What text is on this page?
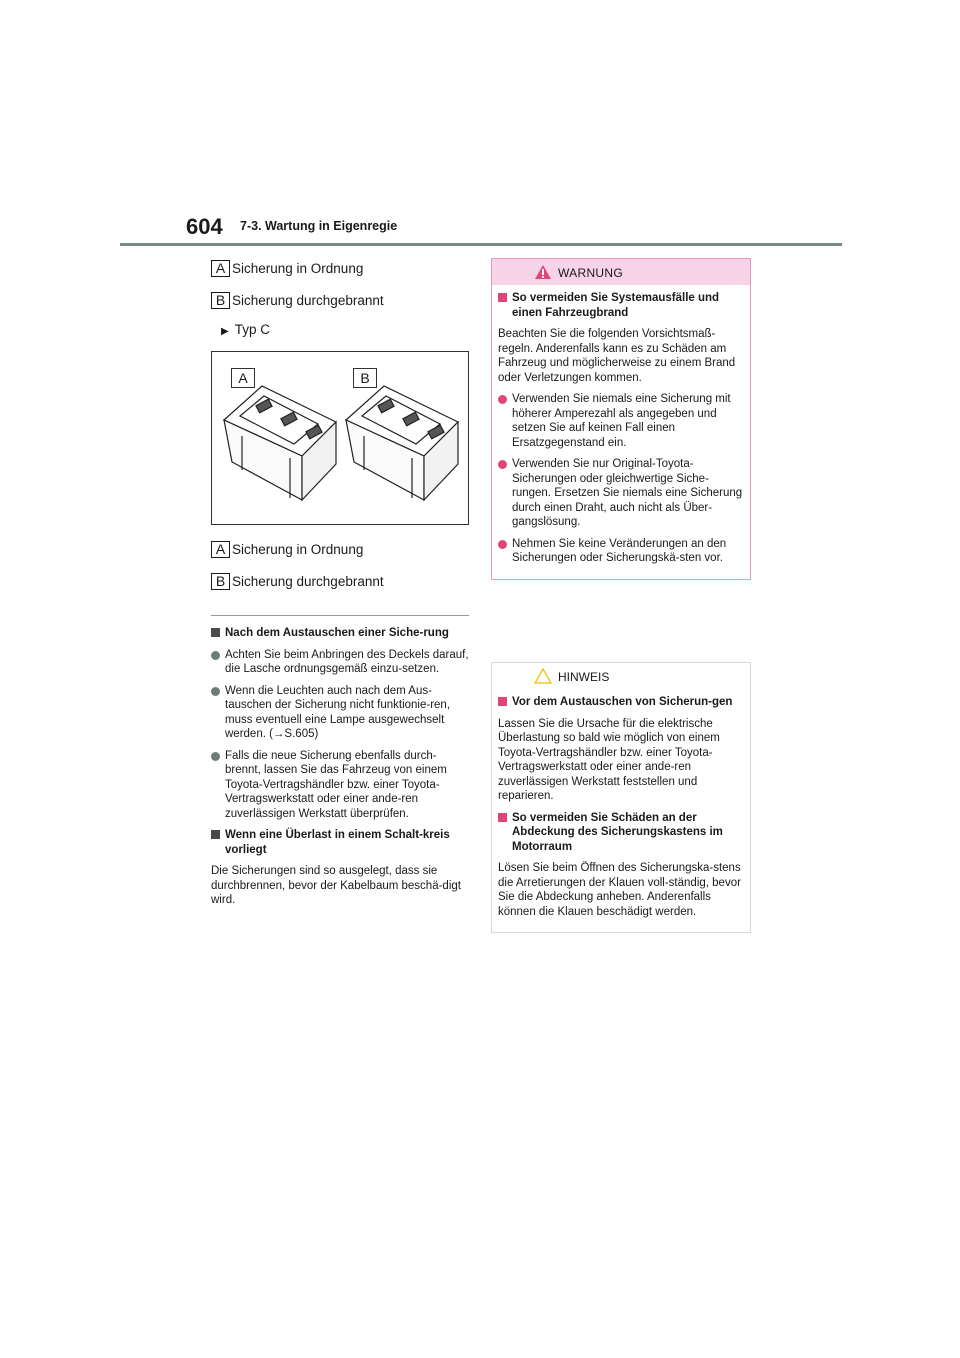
604 7-3. Wartung in Eigenregie
A Sicherung in Ordnung
B Sicherung durchgebrannt
▶ Typ C
A	B
A Sicherung in Ordnung
B Sicherung durchgebrannt
Nach dem Austauschen einer Siche-rung
Achten Sie beim Anbringen des Deckels darauf, die Lasche ordnungsgemäß einzu-setzen.
Wenn die Leuchten auch nach dem Aus-tauschen der Sicherung nicht funktionie-ren, muss eventuell eine Lampe ausgewechselt werden. (→S.605)
Falls die neue Sicherung ebenfalls durch-brennt, lassen Sie das Fahrzeug von einem Toyota-Vertragshändler bzw. einer Toyota-Vertragswerkstatt oder einer ande-ren zuverlässigen Werkstatt überprüfen.
Wenn eine Überlast in einem Schalt-kreis vorliegt
Die Sicherungen sind so ausgelegt, dass sie durchbrennen, bevor der Kabelbaum beschä-digt wird.
WARNUNG
So vermeiden Sie Systemausfälle und einen Fahrzeugbrand
Beachten Sie die folgenden Vorsichtsmaß-regeln. Anderenfalls kann es zu Schäden am Fahrzeug und möglicherweise zu einem Brand oder Verletzungen kommen.
Verwenden Sie niemals eine Sicherung mit höherer Amperezahl als angegeben und setzen Sie auf keinen Fall einen Ersatzgegenstand ein.
Verwenden Sie nur Original-Toyota-Sicherungen oder gleichwertige Siche-rungen. Ersetzen Sie niemals eine Sicherung durch einen Draht, auch nicht als Über-gangslösung.
Nehmen Sie keine Veränderungen an den Sicherungen oder Sicherungskä-sten vor.
HINWEIS
Vor dem Austauschen von Sicherun-gen
Lassen Sie die Ursache für die elektrische Überlastung so bald wie möglich von einem Toyota-Vertragshändler bzw. einer Toyota-Vertragswerkstatt oder einer ande-ren zuverlässigen Werkstatt feststellen und reparieren.
So vermeiden Sie Schäden an der Abdeckung des Sicherungskastens im Motorraum
Lösen Sie beim Öffnen des Sicherungska-stens die Arretierungen der Klauen voll-ständig, bevor Sie die Abdeckung anheben. Anderenfalls können die Klauen beschädigt werden.
